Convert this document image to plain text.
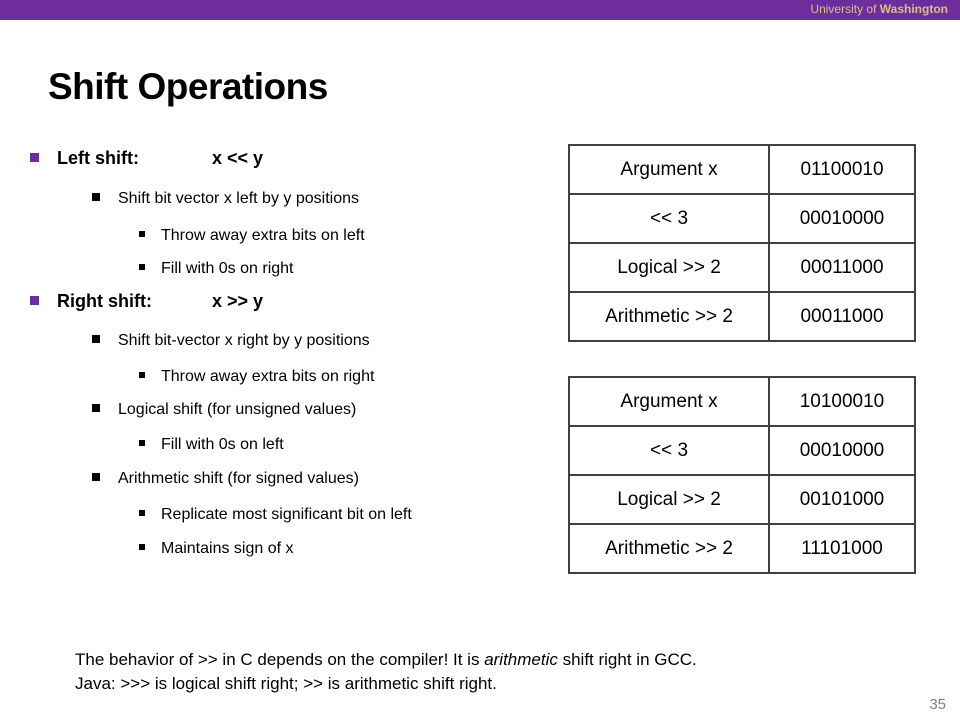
University of Washington
Shift Operations
Left shift:	x << y
Shift bit vector x left by y positions
Throw away extra bits on left
Fill with 0s on right
Right shift:	x >> y
Shift bit-vector x right by y positions
Throw away extra bits on right
Logical shift (for unsigned values)
Fill with 0s on left
Arithmetic shift (for signed values)
Replicate most significant bit on left
Maintains sign of x
Argument x	01100010
<< 3	00010000
Logical >> 2	00011000
Arithmetic >> 2	00011000
Argument x	10100010
<< 3	00010000
Logical >> 2	00101000
Arithmetic >> 2	11101000
The behavior of >> in C depends on the compiler! It is arithmetic shift right in GCC.
Java: >>> is logical shift right; >> is arithmetic shift right.
35
